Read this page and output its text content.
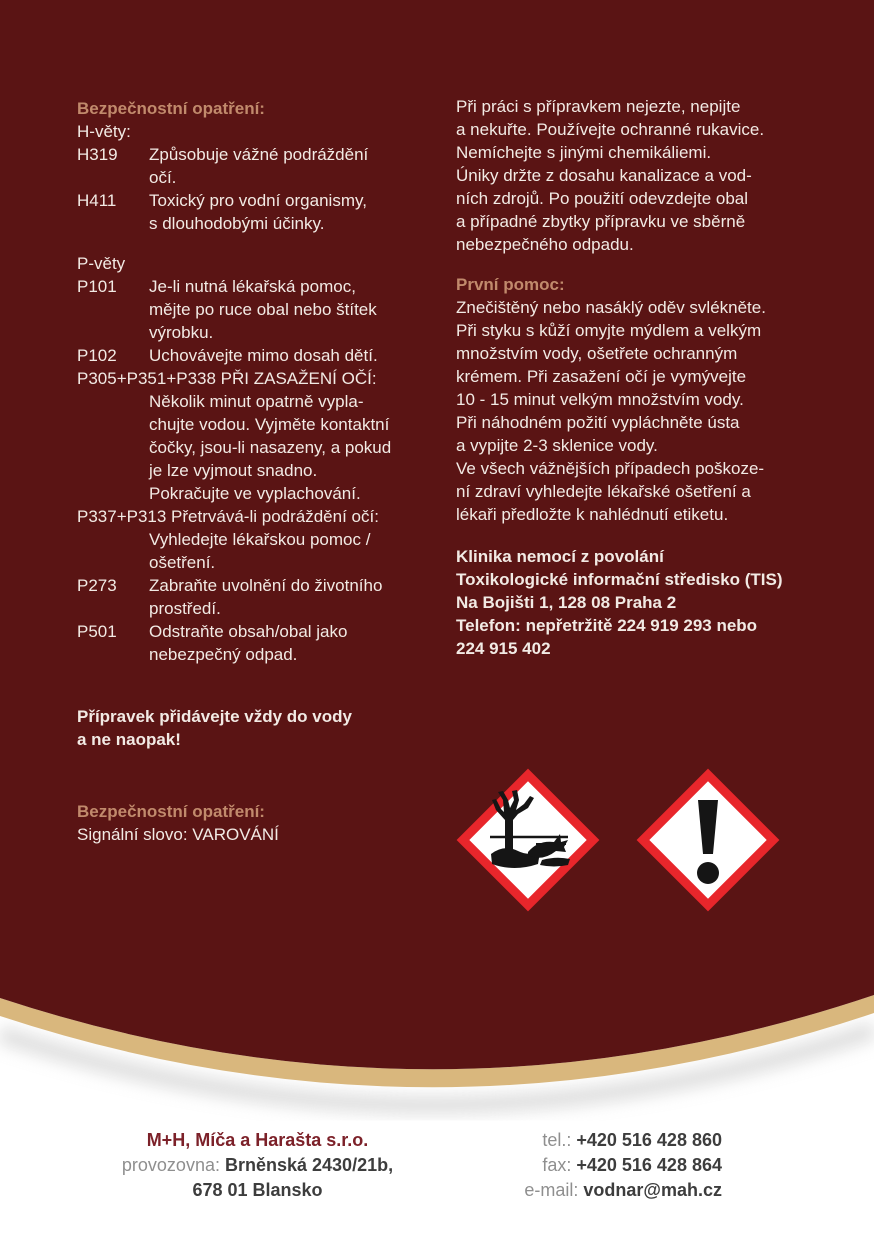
Bezpečnostní opatření:
H-věty:
H319 Způsobuje vážné podráždění
očí.
H411 Toxický pro vodní organismy,
s dlouhodobými účinky.
P-věty
P101 Je-li nutná lékařská pomoc,
mějte po ruce obal nebo štítek
výrobku.
P102 Uchovávejte mimo dosah dětí.
P305+P351+P338 PŘI ZASAŽENÍ OČÍ:
Několik minut opatrně vypla-
chujte vodou. Vyjměte kontaktní
čočky, jsou-li nasazeny, a pokud
je lze vyjmout snadno.
Pokračujte ve vyplachování.
P337+P313 Přetrvává-li podráždění očí:
Vyhledejte lékařskou pomoc /
ošetření.
P273 Zabraňte uvolnění do životního
prostředí.
P501 Odstraňte obsah/obal jako
nebezpečný odpad.
Přípravek přidávejte vždy do vody
a ne naopak!
Bezpečnostní opatření:
Signální slovo: VAROVÁNÍ
Při práci s přípravkem nejezte, nepijte
a nekuřte. Používejte ochranné rukavice.
Nemíchejte s jinými chemikáliemi.
Úniky držte z dosahu kanalizace a vod-
ních zdrojů. Po použití odevzdejte obal
a případné zbytky přípravku ve sběrně
nebezpečného odpadu.
První pomoc:
Znečištěný nebo nasáklý oděv svlékněte.
Při styku s kůží omyjte mýdlem a velkým
množstvím vody, ošetřete ochranným
krémem. Při zasažení očí je vymývejte
10 - 15 minut velkým množstvím vody.
Při náhodném požití vypláchněte ústa
a vypijte 2-3 sklenice vody.
Ve všech vážnějších případech poškoze-
ní zdraví vyhledejte lékařské ošetření a
lékaři předložte k nahlédnutí etiketu.
Klinika nemocí z povolání
Toxikologické informační středisko (TIS)
Na Bojišti 1, 128 08 Praha 2
Telefon: nepřetržitě 224 919 293 nebo
224 915 402
M+H, Míča a Harašta s.r.o.
provozovna: Brněnská 2430/21b,
678 01 Blansko
tel.: +420 516 428 860
fax: +420 516 428 864
e-mail: vodnar@mah.cz
